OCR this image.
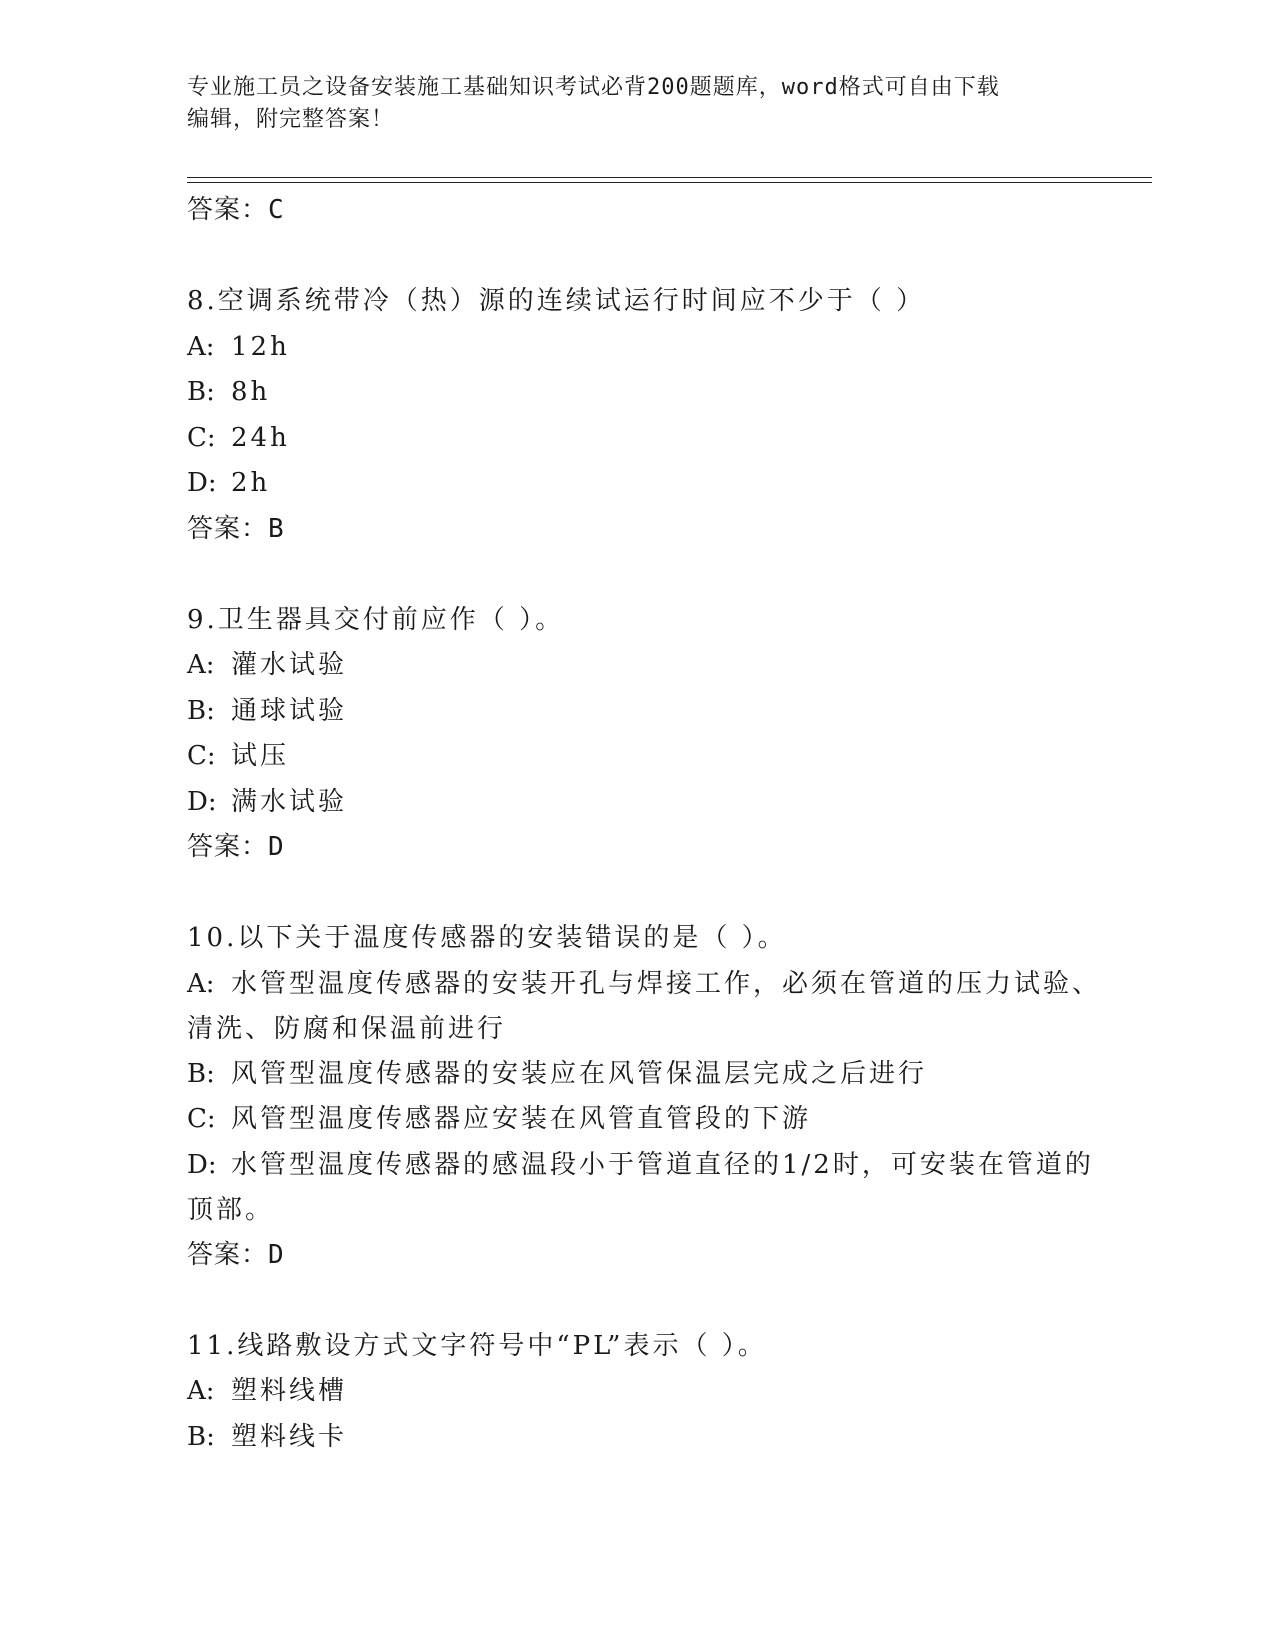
专业施工员之设备安装施工基础知识考试必背200题题库，word格式可自由下载
编辑，附完整答案！
答案：C
8.空调系统带冷（热）源的连续试运行时间应不少于（ ）
A: 12h
B: 8h
C: 24h
D: 2h
答案：B
9.卫生器具交付前应作（ ）。
A: 灌水试验
B: 通球试验
C: 试压
D: 满水试验
答案：D
10.以下关于温度传感器的安装错误的是（ ）。
A: 水管型温度传感器的安装开孔与焊接工作，必须在管道的压力试验、清洗、防腐和保温前进行
B: 风管型温度传感器的安装应在风管保温层完成之后进行
C: 风管型温度传感器应安装在风管直管段的下游
D: 水管型温度传感器的感温段小于管道直径的1/2时，可安装在管道的顶部。
答案：D
11.线路敷设方式文字符号中“PL”表示（ ）。
A: 塑料线槽
B: 塑料线卡
